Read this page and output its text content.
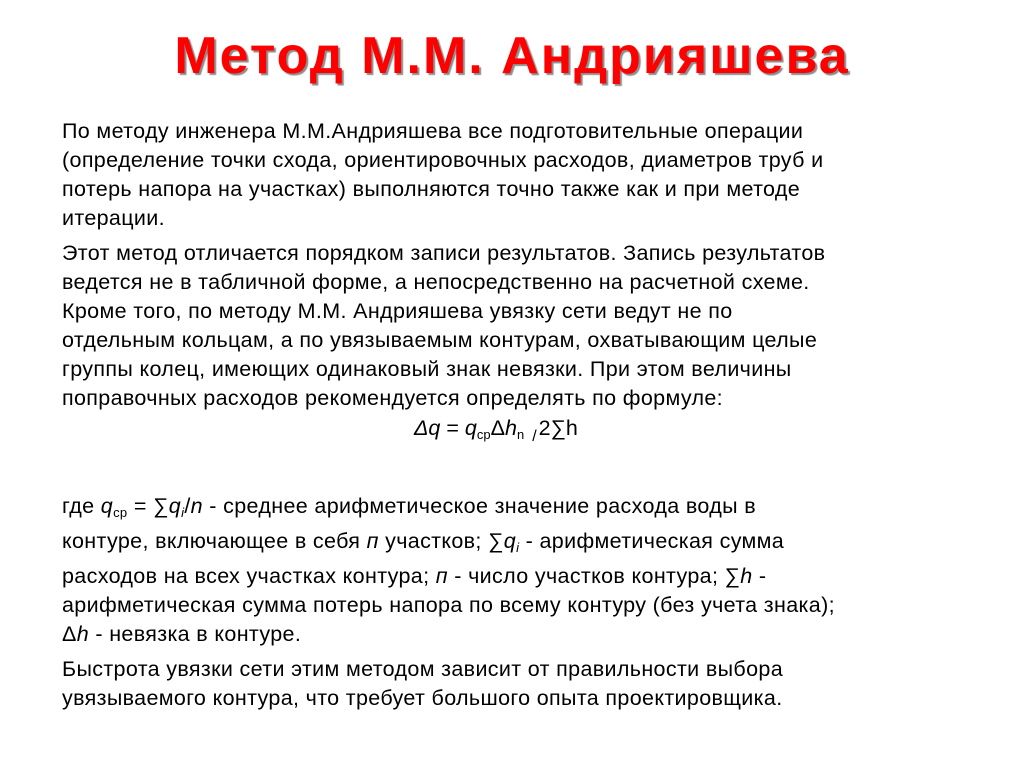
Метод М.М. Андрияшева
По методу инженера М.М.Андрияшева все подготовительные операции
(определение точки схода, ориентировочных расходов, диаметров труб и
потерь напора на участках) выполняются точно также как и при методе
итерации.
Этот метод отличается порядком записи результатов. Запись результатов
ведется не в табличной форме, а непосредственно на расчетной схеме.
Кроме того, по методу М.М. Андрияшева увязку сети ведут не по
отдельным кольцам, а по увязываемым контурам, охватывающим целые
группы колец, имеющих одинаковый знак невязки. При этом величины
поправочных расходов рекомендуется определять по формуле:
$\Delta q = q_{ср}\Delta h_n$ $_/$2∑h
где $q_{ср} = \sum q_i/n$ - среднее арифметическое значение расхода воды в
контуре, включающее в себя п участков; $\sum q_i$ - арифметическая сумма
расходов на всех участках контура; п - число участков контура; ∑h -
арифметическая сумма потерь напора по всему контуру (без учета знака);
Δh - невязка в контуре.
Быстрота увязки сети этим методом зависит от правильности выбора
увязываемого контура, что требует большого опыта проектировщика.
